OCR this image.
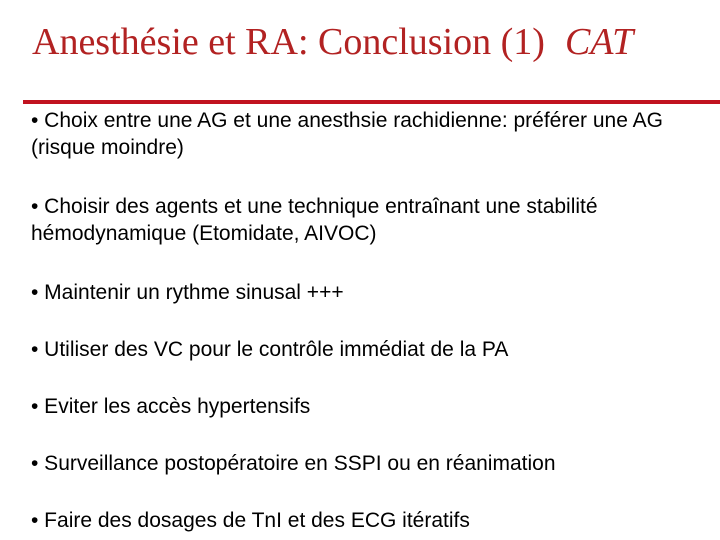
Anesthésie et RA: Conclusion (1) CAT
• Choix entre une AG et une anesthsie rachidienne: préférer une AG (risque moindre)
• Choisir des agents et une technique entraînant une stabilité hémodynamique (Etomidate, AIVOC)
• Maintenir un rythme sinusal +++
• Utiliser des VC pour le contrôle immédiat de la PA
• Eviter les accès hypertensifs
• Surveillance postopératoire en SSPI ou en réanimation
• Faire des dosages de TnI et des ECG itératifs
